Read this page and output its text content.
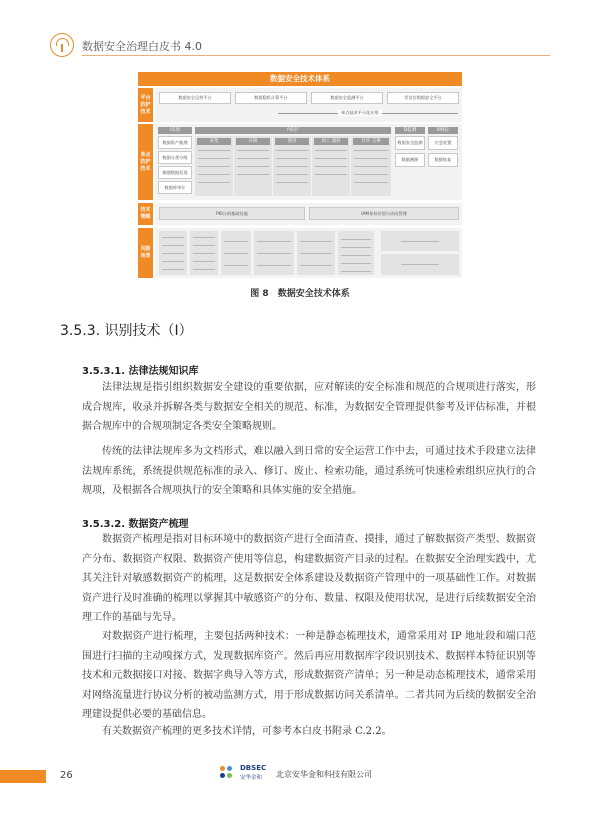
数据安全治理白皮书 4.0
数据安全技术体系
平台防护技术
数据安全运营平台	数据隐私计算平台	数据安全监测平台	零信任数据安全平台
单点技术平台化应用
单点防护技术
I识别
数据资产梳理
数据分类分级
敏感数据发现
数据库审计
P防护
采集	存储	使用	加工 流转	共享 交换
D监测	R响应
数据安全监测
数据溯源
应急处置
数据恢复
技术策略
PKI公钥基础设施	IAM身份识别与访问管理
风险场景
图 8　数据安全技术体系
3.5.3. 识别技术（I）
3.5.3.1. 法律法规知识库
法律法规是指引组织数据安全建设的重要依据，应对解读的安全标准和规范的合规项进行落实，形成合规库，收录并拆解各类与数据安全相关的规范、标准，为数据安全管理提供参考及评估标准，并根据合规库中的合规项制定各类安全策略规则。
传统的法律法规库多为文档形式，难以融入到日常的安全运营工作中去，可通过技术手段建立法律法规库系统，系统提供规范标准的录入、修订、废止、检索功能，通过系统可快速检索组织应执行的合规项，及根据各合规项执行的安全策略和具体实施的安全措施。
3.5.3.2. 数据资产梳理
数据资产梳理是指对目标环境中的数据资产进行全面清查、摸排，通过了解数据资产类型、数据资产分布、数据资产权限、数据资产使用等信息，构建数据资产目录的过程。在数据安全治理实践中，尤其关注针对敏感数据资产的梳理，这是数据安全体系建设及数据资产管理中的一项基础性工作。对数据资产进行及时准确的梳理以掌握其中敏感资产的分布、数量、权限及使用状况，是进行后续数据安全治理工作的基础与先导。
对数据资产进行梳理，主要包括两种技术：一种是静态梳理技术，通常采用对 IP 地址段和端口范围进行扫描的主动嗅探方式，发现数据库资产。然后再应用数据库字段识别技术、数据样本特征识别等技术和元数据接口对接、数据字典导入等方式，形成数据资产清单；另一种是动态梳理技术，通常采用对网络流量进行协议分析的被动监测方式，用于形成数据访问关系清单。二者共同为后续的数据安全治理建设提供必要的基础信息。
有关数据资产梳理的更多技术详情，可参考本白皮书附录 C.2.2。
26
DBSEC
安华金和 北京安华金和科技有限公司
